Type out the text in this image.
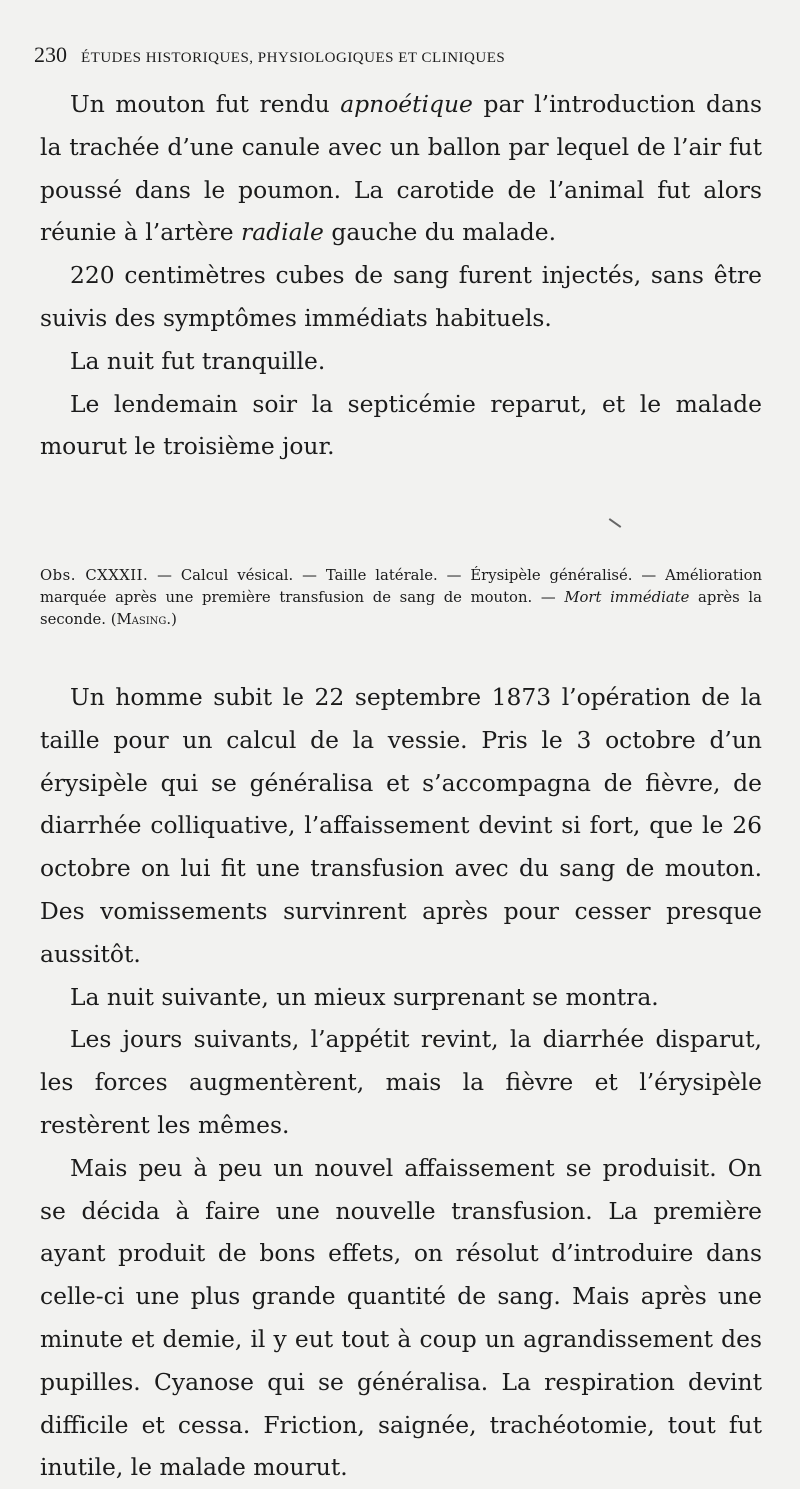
230 ÉTUDES HISTORIQUES, PHYSIOLOGIQUES ET CLINIQUES

Un mouton fut rendu apnoétique par l’introduction dans la trachée d’une canule avec un ballon par lequel de l’air fut poussé dans le poumon. La carotide de l’animal fut alors réunie à l’artère radiale gauche du malade.

220 centimètres cubes de sang furent injectés, sans être suivis des symptômes immédiats habituels.

La nuit fut tranquille.

Le lendemain soir la septicémie reparut, et le malade mourut le troisième jour.

Obs. CXXXII. — Calcul vésical. — Taille latérale. — Érysipèle généralisé. — Amélioration marquée après une première transfusion de sang de mouton. — Mort immédiate après la seconde. (Masing.)

Un homme subit le 22 septembre 1873 l’opération de la taille pour un calcul de la vessie. Pris le 3 octobre d’un érysipèle qui se généralisa et s’accompagna de fièvre, de diarrhée colliquative, l’affaissement devint si fort, que le 26 octobre on lui fit une transfusion avec du sang de mouton. Des vomissements survinrent après pour cesser presque aussitôt.

La nuit suivante, un mieux surprenant se montra.

Les jours suivants, l’appétit revint, la diarrhée disparut, les forces augmentèrent, mais la fièvre et l’érysipèle restèrent les mêmes.

Mais peu à peu un nouvel affaissement se produisit. On se décida à faire une nouvelle transfusion. La première ayant produit de bons effets, on résolut d’introduire dans celle-ci une plus grande quantité de sang. Mais après une minute et demie, il y eut tout à coup un agrandissement des pupilles. Cyanose qui se généralisa. La respiration devint difficile et cessa. Friction, saignée, trachéotomie, tout fut inutile, le malade mourut.
